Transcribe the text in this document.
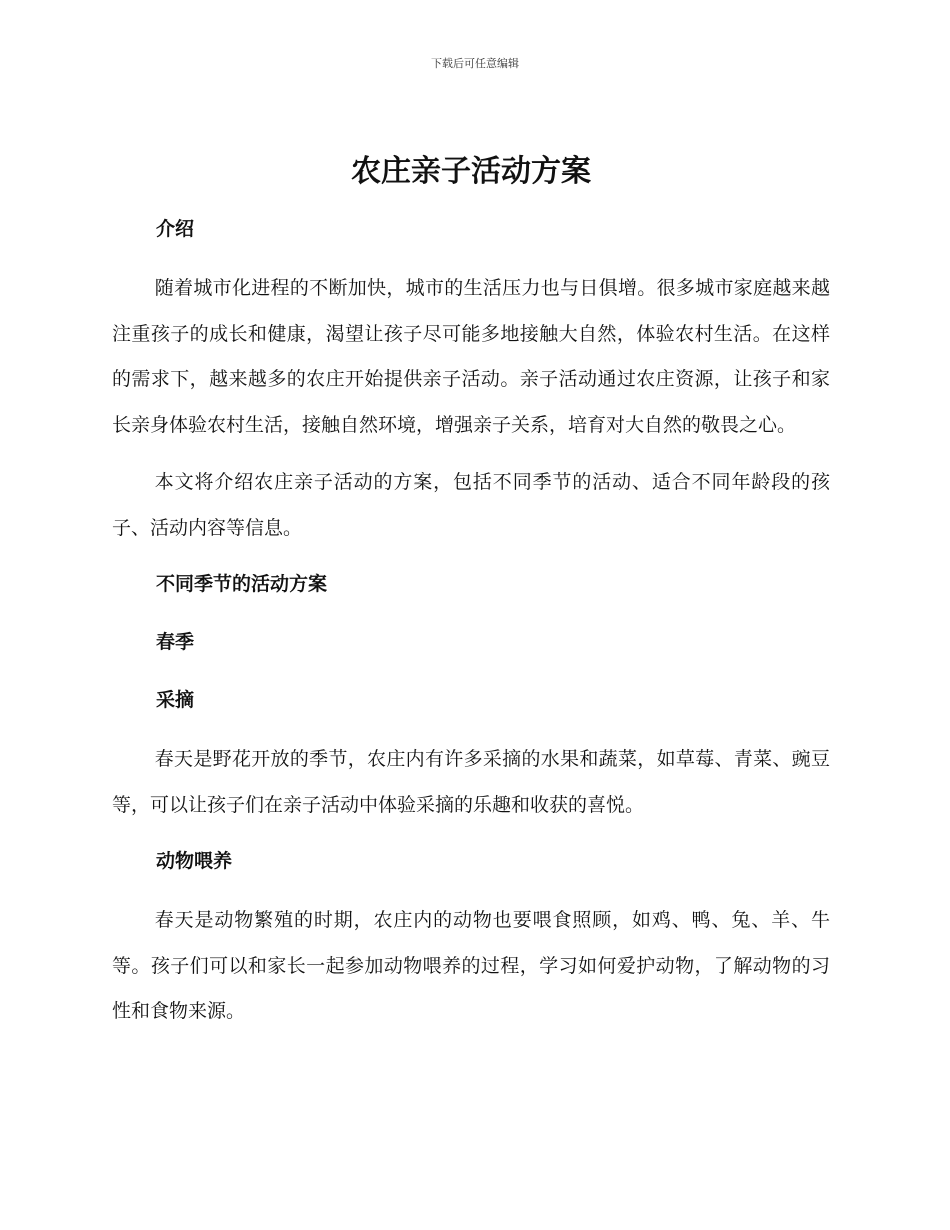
下载后可任意编辑
农庄亲子活动方案
介绍
随着城市化进程的不断加快，城市的生活压力也与日俱增。很多城市家庭越来越注重孩子的成长和健康，渴望让孩子尽可能多地接触大自然，体验农村生活。在这样的需求下，越来越多的农庄开始提供亲子活动。亲子活动通过农庄资源，让孩子和家长亲身体验农村生活，接触自然环境，增强亲子关系，培育对大自然的敬畏之心。
本文将介绍农庄亲子活动的方案，包括不同季节的活动、适合不同年龄段的孩子、活动内容等信息。
不同季节的活动方案
春季
采摘
春天是野花开放的季节，农庄内有许多采摘的水果和蔬菜，如草莓、青菜、豌豆等，可以让孩子们在亲子活动中体验采摘的乐趣和收获的喜悦。
动物喂养
春天是动物繁殖的时期，农庄内的动物也要喂食照顾，如鸡、鸭、兔、羊、牛等。孩子们可以和家长一起参加动物喂养的过程，学习如何爱护动物，了解动物的习性和食物来源。
